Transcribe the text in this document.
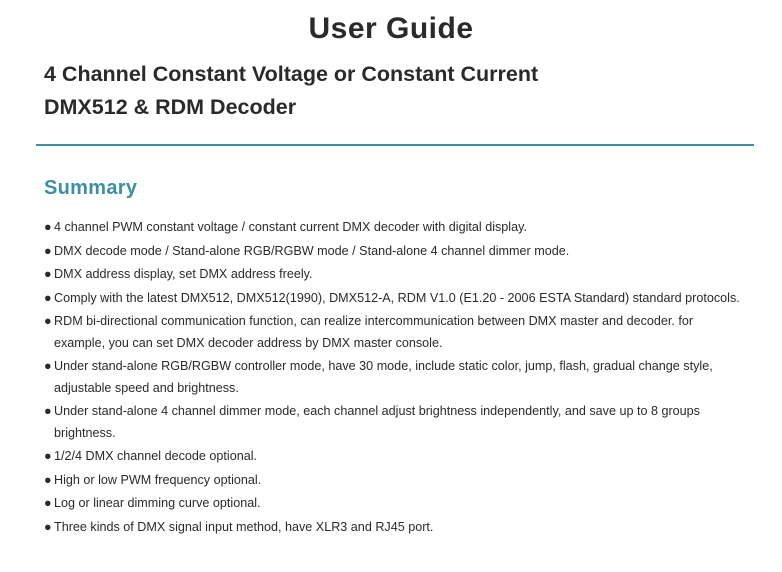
User Guide
4 Channel Constant Voltage or Constant Current
DMX512 & RDM Decoder
Summary
● 4 channel PWM constant voltage / constant current DMX decoder with digital display.
● DMX decode mode / Stand-alone RGB/RGBW mode / Stand-alone 4 channel dimmer mode.
● DMX address display, set DMX address freely.
● Comply with the latest DMX512, DMX512(1990), DMX512-A, RDM V1.0 (E1.20 - 2006 ESTA Standard) standard protocols.
● RDM bi-directional communication function, can realize intercommunication between DMX master and decoder. for example, you can set DMX decoder address by DMX master console.
● Under stand-alone RGB/RGBW controller mode, have 30 mode, include static color, jump, flash, gradual change style, adjustable speed and brightness.
● Under stand-alone 4 channel dimmer mode, each channel adjust brightness independently, and save up to 8 groups brightness.
● 1/2/4 DMX channel decode optional.
● High or low PWM frequency optional.
● Log or linear dimming curve optional.
● Three kinds of DMX signal input method, have XLR3 and RJ45 port.
